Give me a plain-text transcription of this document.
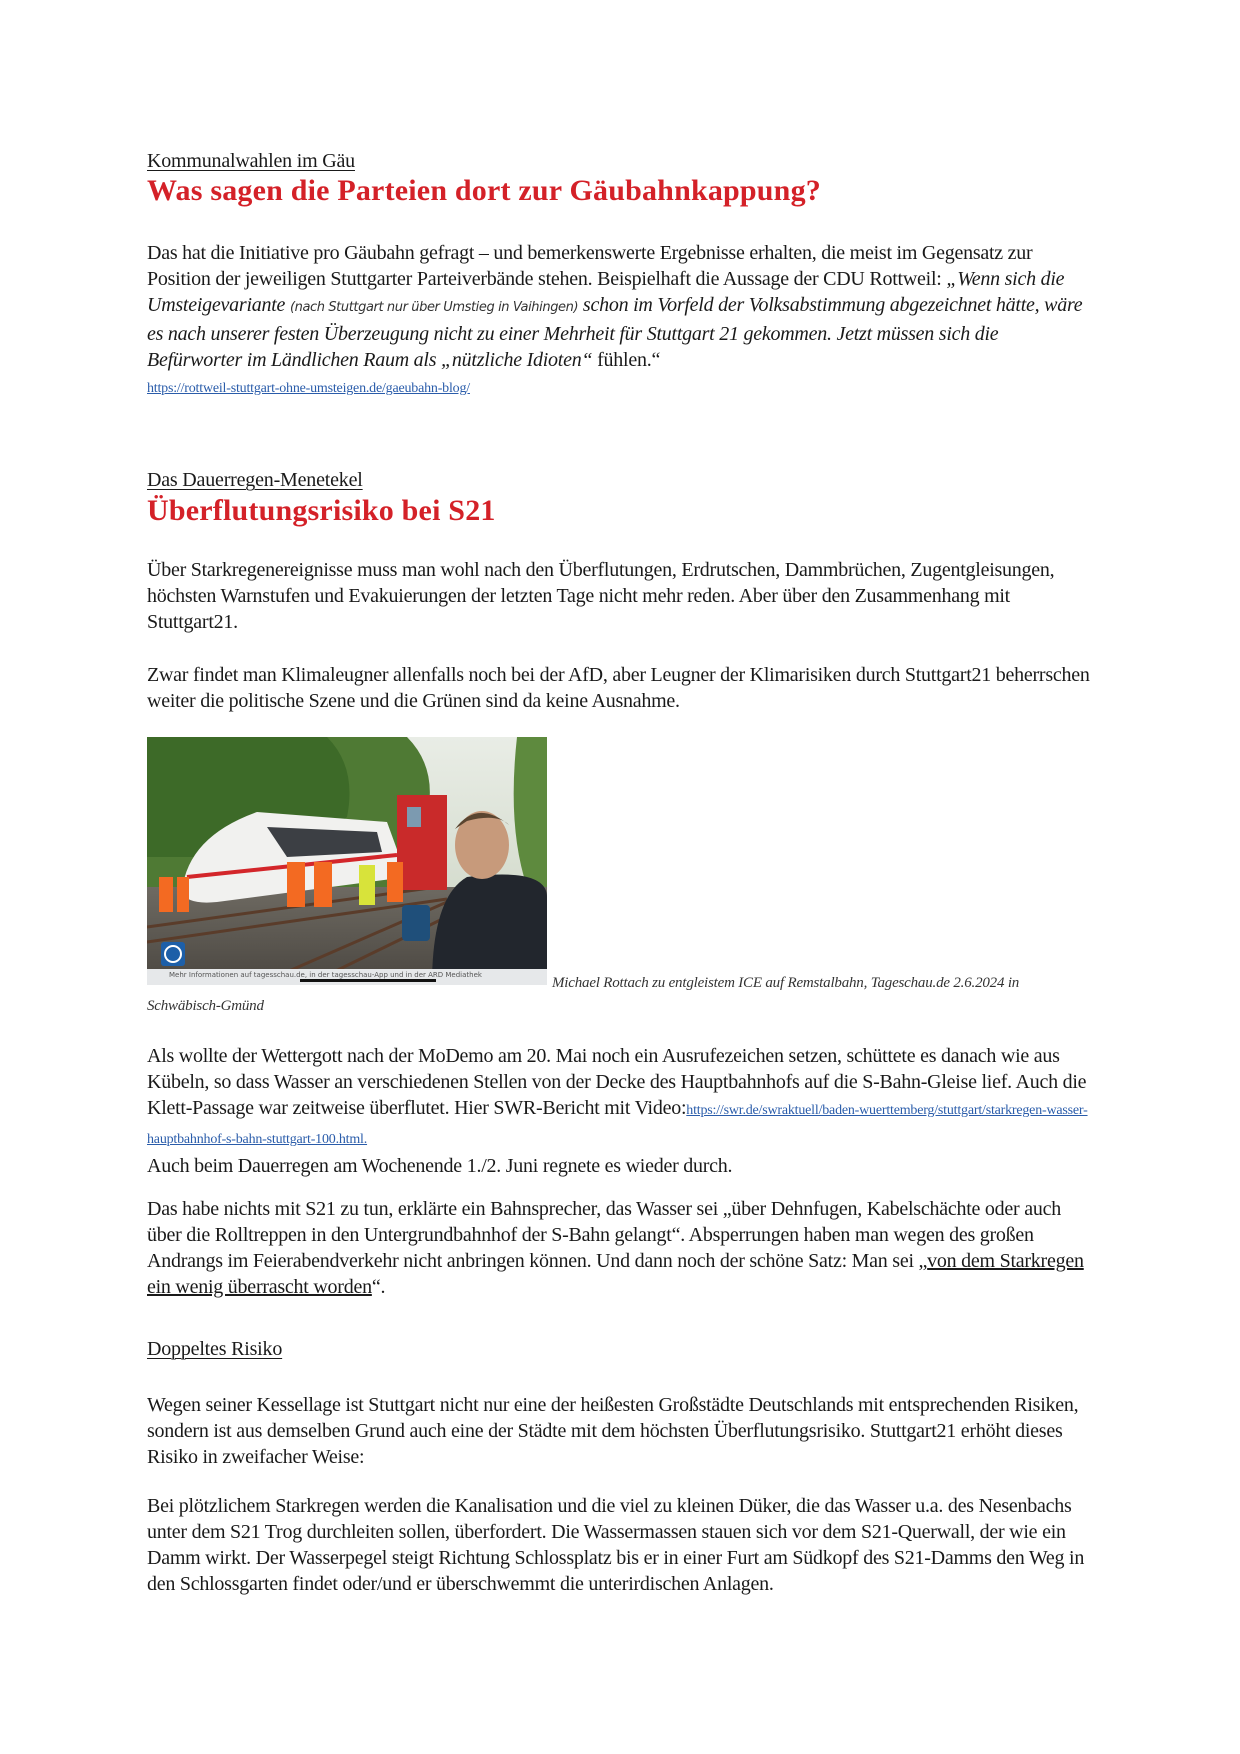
Kommunalwahlen im Gäu
Was sagen die Parteien dort zur Gäubahnkappung?
Das hat die Initiative pro Gäubahn gefragt – und bemerkenswerte Ergebnisse erhalten, die meist im Gegensatz zur Position der jeweiligen Stuttgarter Parteiverbände stehen. Beispielhaft die Aussage der CDU Rottweil: „Wenn sich die Umsteigevariante (nach Stuttgart nur über Umstieg in Vaihingen) schon im Vorfeld der Volksabstimmung abgezeichnet hätte, wäre es nach unserer festen Überzeugung nicht zu einer Mehrheit für Stuttgart 21 gekommen. Jetzt müssen sich die Befürworter im Ländlichen Raum als „nützliche Idioten“ fühlen.“
https://rottweil-stuttgart-ohne-umsteigen.de/gaeubahn-blog/
Das Dauerregen-Menetekel
Überflutungsrisiko bei S21
Über Starkregenereignisse muss man wohl nach den Überflutungen, Erdrutschen, Dammbrüchen, Zugentgleisungen, höchsten Warnstufen und Evakuierungen der letzten Tage nicht mehr reden. Aber über den Zusammenhang mit Stuttgart21.
Zwar findet man Klimaleugner allenfalls noch bei der AfD, aber Leugner der Klimarisiken durch Stuttgart21 beherrschen weiter die politische Szene und die Grünen sind da keine Ausnahme.
Mehr Informationen auf tagesschau.de, in der tagesschau-App und in der ARD Mediathek	Michael Rottach zu entgleistem ICE auf Remstalbahn, Tageschau.de 2.6.2024 in
Schwäbisch-Gmünd
Als wollte der Wettergott nach der MoDemo am 20. Mai noch ein Ausrufezeichen setzen, schüttete es danach wie aus Kübeln, so dass Wasser an verschiedenen Stellen von der Decke des Hauptbahnhofs auf die S-Bahn-Gleise lief. Auch die Klett-Passage war zeitweise überflutet. Hier SWR-Bericht mit Video:https://swr.de/swraktuell/baden-wuerttemberg/stuttgart/starkregen-wasser-hauptbahnhof-s-bahn-stuttgart-100.html.
Auch beim Dauerregen am Wochenende 1./2. Juni regnete es wieder durch.
Das habe nichts mit S21 zu tun, erklärte ein Bahnsprecher, das Wasser sei „über Dehnfugen, Kabelschächte oder auch über die Rolltreppen in den Untergrundbahnhof der S-Bahn gelangt“. Absperrungen haben man wegen des großen Andrangs im Feierabendverkehr nicht anbringen können. Und dann noch der schöne Satz: Man sei „von dem Starkregen ein wenig überrascht worden“.
Doppeltes Risiko
Wegen seiner Kessellage ist Stuttgart nicht nur eine der heißesten Großstädte Deutschlands mit entsprechenden Risiken, sondern ist aus demselben Grund auch eine der Städte mit dem höchsten Überflutungsrisiko. Stuttgart21 erhöht dieses Risiko in zweifacher Weise:
Bei plötzlichem Starkregen werden die Kanalisation und die viel zu kleinen Düker, die das Wasser u.a. des Nesenbachs unter dem S21 Trog durchleiten sollen, überfordert. Die Wassermassen stauen sich vor dem S21-Querwall, der wie ein Damm wirkt. Der Wasserpegel steigt Richtung Schlossplatz bis er in einer Furt am Südkopf des S21-Damms den Weg in den Schlossgarten findet oder/und er überschwemmt die unterirdischen Anlagen.
